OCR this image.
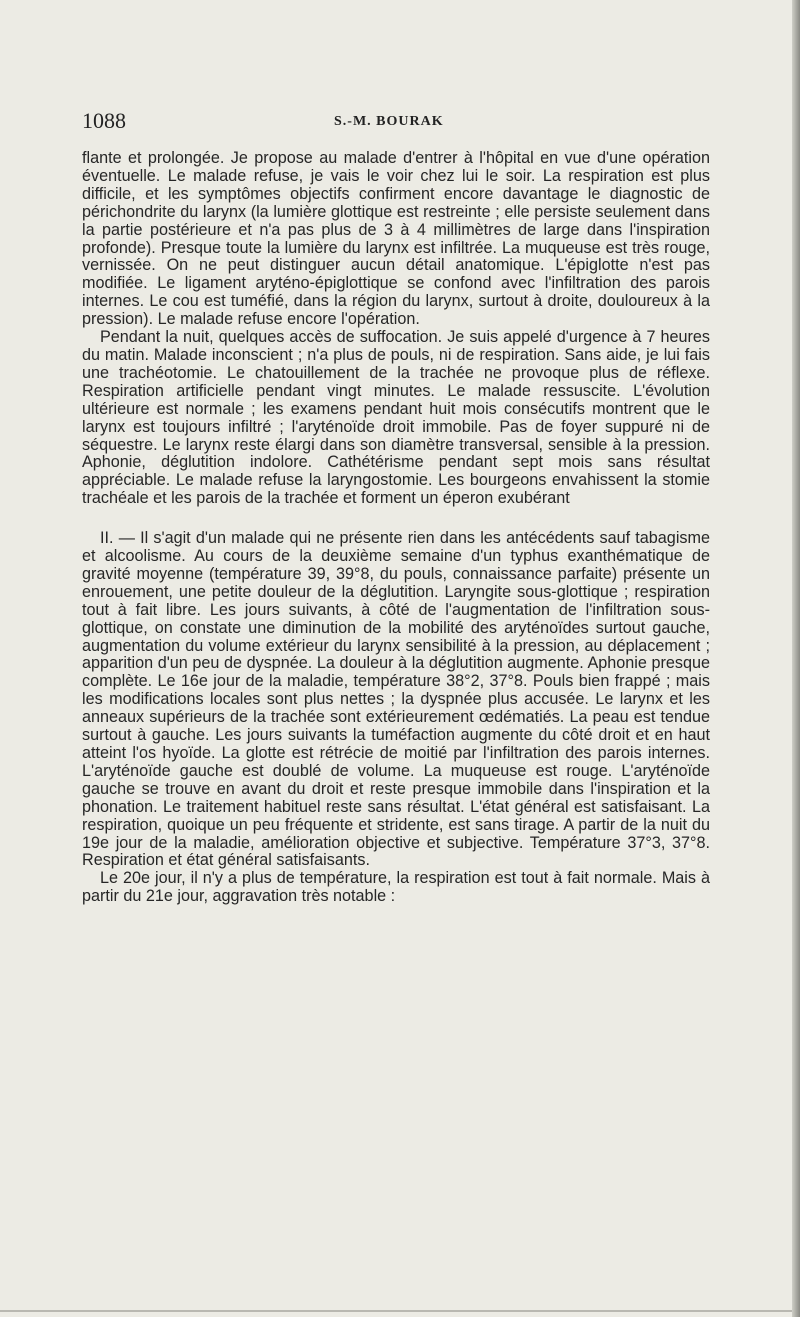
1088	S.-M. BOURAK

flante et prolongée. Je propose au malade d'entrer à l'hôpital en vue d'une opération éventuelle. Le malade refuse, je vais le voir chez lui le soir. La respiration est plus difficile, et les symptômes objectifs confirment encore davantage le diagnostic de périchondrite du larynx (la lumière glottique est restreinte ; elle persiste seulement dans la partie postérieure et n'a pas plus de 3 à 4 millimètres de large dans l'inspiration profonde). Presque toute la lumière du larynx est infiltrée. La muqueuse est très rouge, vernissée. On ne peut distinguer aucun détail anatomique. L'épiglotte n'est pas modifiée. Le ligament aryténo-épiglottique se confond avec l'infiltration des parois internes. Le cou est tuméfié, dans la région du larynx, surtout à droite, douloureux à la pression). Le malade refuse encore l'opération.

Pendant la nuit, quelques accès de suffocation. Je suis appelé d'urgence à 7 heures du matin. Malade inconscient ; n'a plus de pouls, ni de respiration. Sans aide, je lui fais une trachéotomie. Le chatouillement de la trachée ne provoque plus de réflexe. Respiration artificielle pendant vingt minutes. Le malade ressuscite. L'évolution ultérieure est normale ; les examens pendant huit mois consécutifs montrent que le larynx est toujours infiltré ; l'aryténoïde droit immobile. Pas de foyer suppuré ni de séquestre. Le larynx reste élargi dans son diamètre transversal, sensible à la pression. Aphonie, déglutition indolore. Cathétérisme pendant sept mois sans résultat appréciable. Le malade refuse la laryngostomie. Les bourgeons envahissent la stomie trachéale et les parois de la trachée et forment un éperon exubérant

II. — Il s'agit d'un malade qui ne présente rien dans les antécédents sauf tabagisme et alcoolisme. Au cours de la deuxième semaine d'un typhus exanthématique de gravité moyenne (température 39, 39°8, du pouls, connaissance parfaite) présente un enrouement, une petite douleur de la déglutition. Laryngite sous-glottique ; respiration tout à fait libre. Les jours suivants, à côté de l'augmentation de l'infiltration sous-glottique, on constate une diminution de la mobilité des aryténoïdes surtout gauche, augmentation du volume extérieur du larynx sensibilité à la pression, au déplacement ; apparition d'un peu de dyspnée. La douleur à la déglutition augmente. Aphonie presque complète. Le 16e jour de la maladie, température 38°2, 37°8. Pouls bien frappé ; mais les modifications locales sont plus nettes ; la dyspnée plus accusée. Le larynx et les anneaux supérieurs de la trachée sont extérieurement œdématiés. La peau est tendue surtout à gauche. Les jours suivants la tuméfaction augmente du côté droit et en haut atteint l'os hyoïde. La glotte est rétrécie de moitié par l'infiltration des parois internes. L'aryténoïde gauche est doublé de volume. La muqueuse est rouge. L'aryténoïde gauche se trouve en avant du droit et reste presque immobile dans l'inspiration et la phonation. Le traitement habituel reste sans résultat. L'état général est satisfaisant. La respiration, quoique un peu fréquente et stridente, est sans tirage. A partir de la nuit du 19e jour de la maladie, amélioration objective et subjective. Température 37°3, 37°8. Respiration et état général satisfaisants.

Le 20e jour, il n'y a plus de température, la respiration est tout à fait normale. Mais à partir du 21e jour, aggravation très notable :
